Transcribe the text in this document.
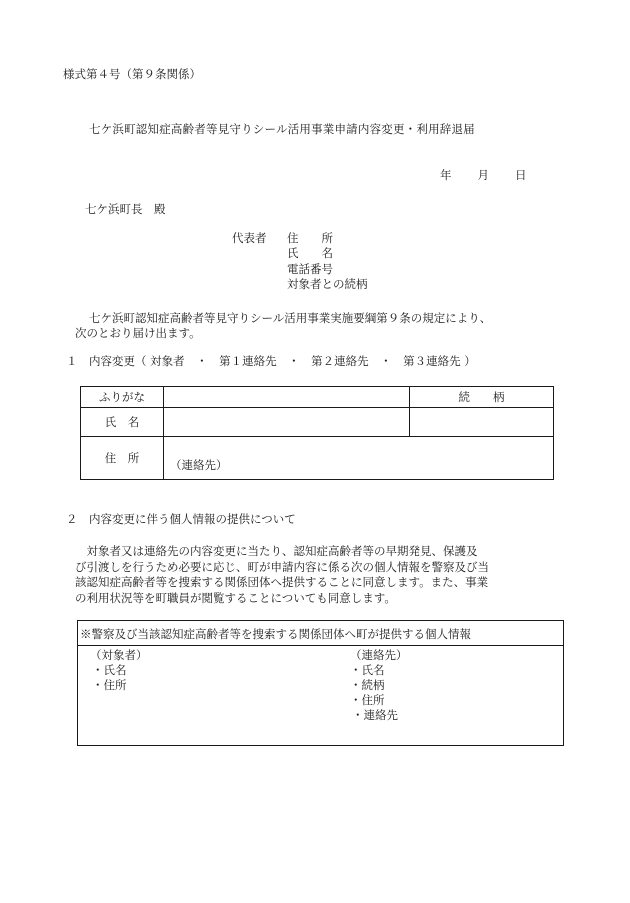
様式第４号（第９条関係）
七ケ浜町認知症高齢者等見守りシール活用事業申請内容変更・利用辞退届
年 月 日
七ケ浜町長　殿
代表者 住　　所
氏　　名
電話番号
対象者との続柄
七ケ浜町認知症高齢者等見守りシール活用事業実施要綱第９条の規定により、
次のとおり届け出ます。
１　内容変更（ 対象者　・　第１連絡先　・　第２連絡先　・　第３連絡先 ）
ふりがな		続　　柄
氏　名		
住　所	（連絡先）	
２　内容変更に伴う個人情報の提供について

　対象者又は連絡先の内容変更に当たり、認知症高齢者等の早期発見、保護及

び引渡しを行うため必要に応じ、町が申請内容に係る次の個人情報を警察及び当

該認知症高齢者等を捜索する関係団体へ提供することに同意します。また、事業

の利用状況等を町職員が閲覧することについても同意します。

※警察及び当該認知症高齢者等を捜索する関係団体へ町が提供する個人情報
（対象者）
・氏名
・住所
（連絡先）
・氏名
・続柄
・住所
・連絡先
